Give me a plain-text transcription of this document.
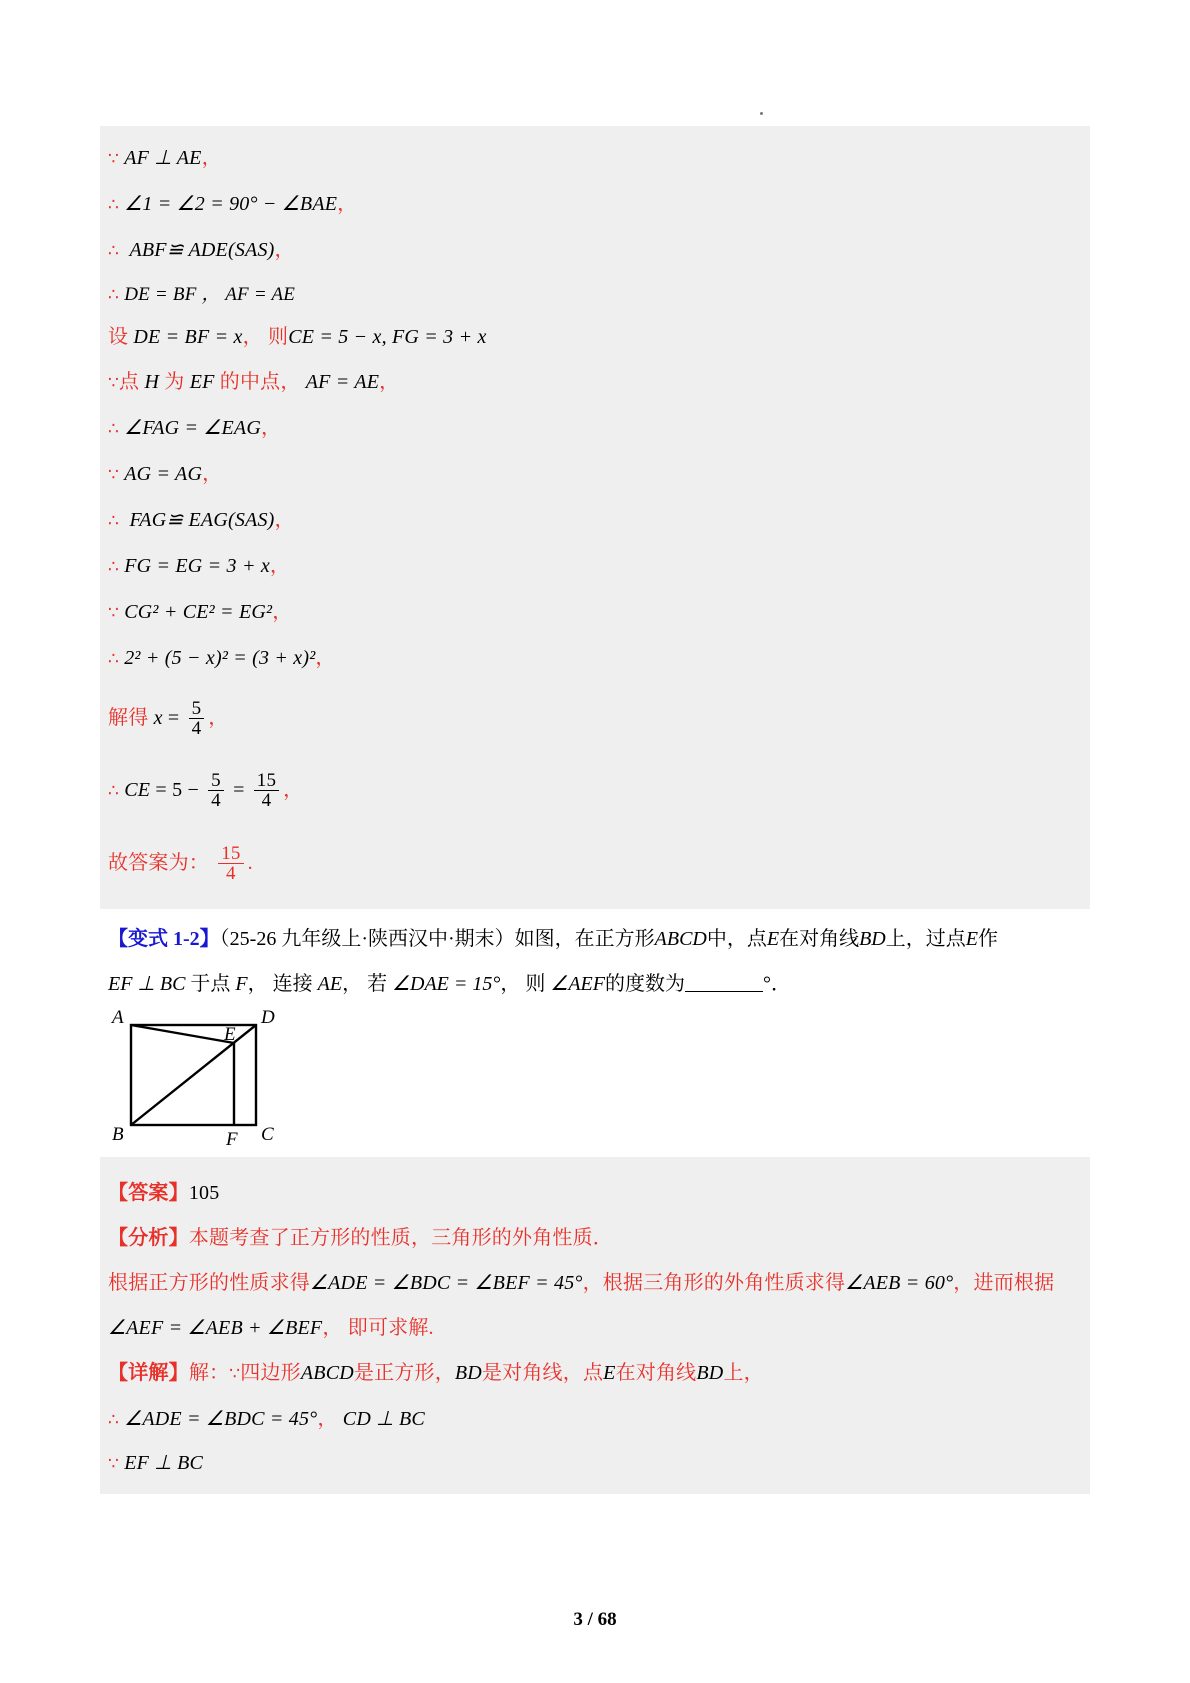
∵ AF ⊥ AE，
∴ ∠1 = ∠2 = 90° − ∠BAE，
∴ ABF≌ ADE(SAS)，
∴ DE = BF ， AF = AE
设 DE = BF = x， 则CE = 5 − x, FG = 3 + x
∵点 H 为 EF 的中点， AF = AE，
∴ ∠FAG = ∠EAG，
∵ AG = AG，
∴ FAG≌ EAG(SAS)，
∴ FG = EG = 3 + x，
∵ CG² + CE² = EG²，
∴ 2² + (5 − x)² = (3 + x)²，
解得 $x = \frac{5}{4}$ ，
∴ CE = $5 - \frac{5}{4} = \frac{15}{4}$ ，
故答案为： $\frac{15}{4}$ .
【变式 1-2】（25-26 九年级上·陕西汉中·期末）如图，在正方形ABCD中，点E在对角线BD上，过点E作
EF ⊥ BC 于点 F， 连接 AE， 若 ∠DAE = 15°， 则 ∠AEF的度数为	°．
A	D
B	C
E
F
【答案】105
【分析】本题考查了正方形的性质，三角形的外角性质．
根据正方形的性质求得∠ADE = ∠BDC = ∠BEF = 45°，根据三角形的外角性质求得∠AEB = 60°，进而根据
∠AEF = ∠AEB + ∠BEF， 即可求解.
【详解】解：∵四边形ABCD是正方形，BD是对角线，点E在对角线BD上，
∴ ∠ADE = ∠BDC = 45°， CD ⊥ BC
∵ EF ⊥ BC
3 / 68
